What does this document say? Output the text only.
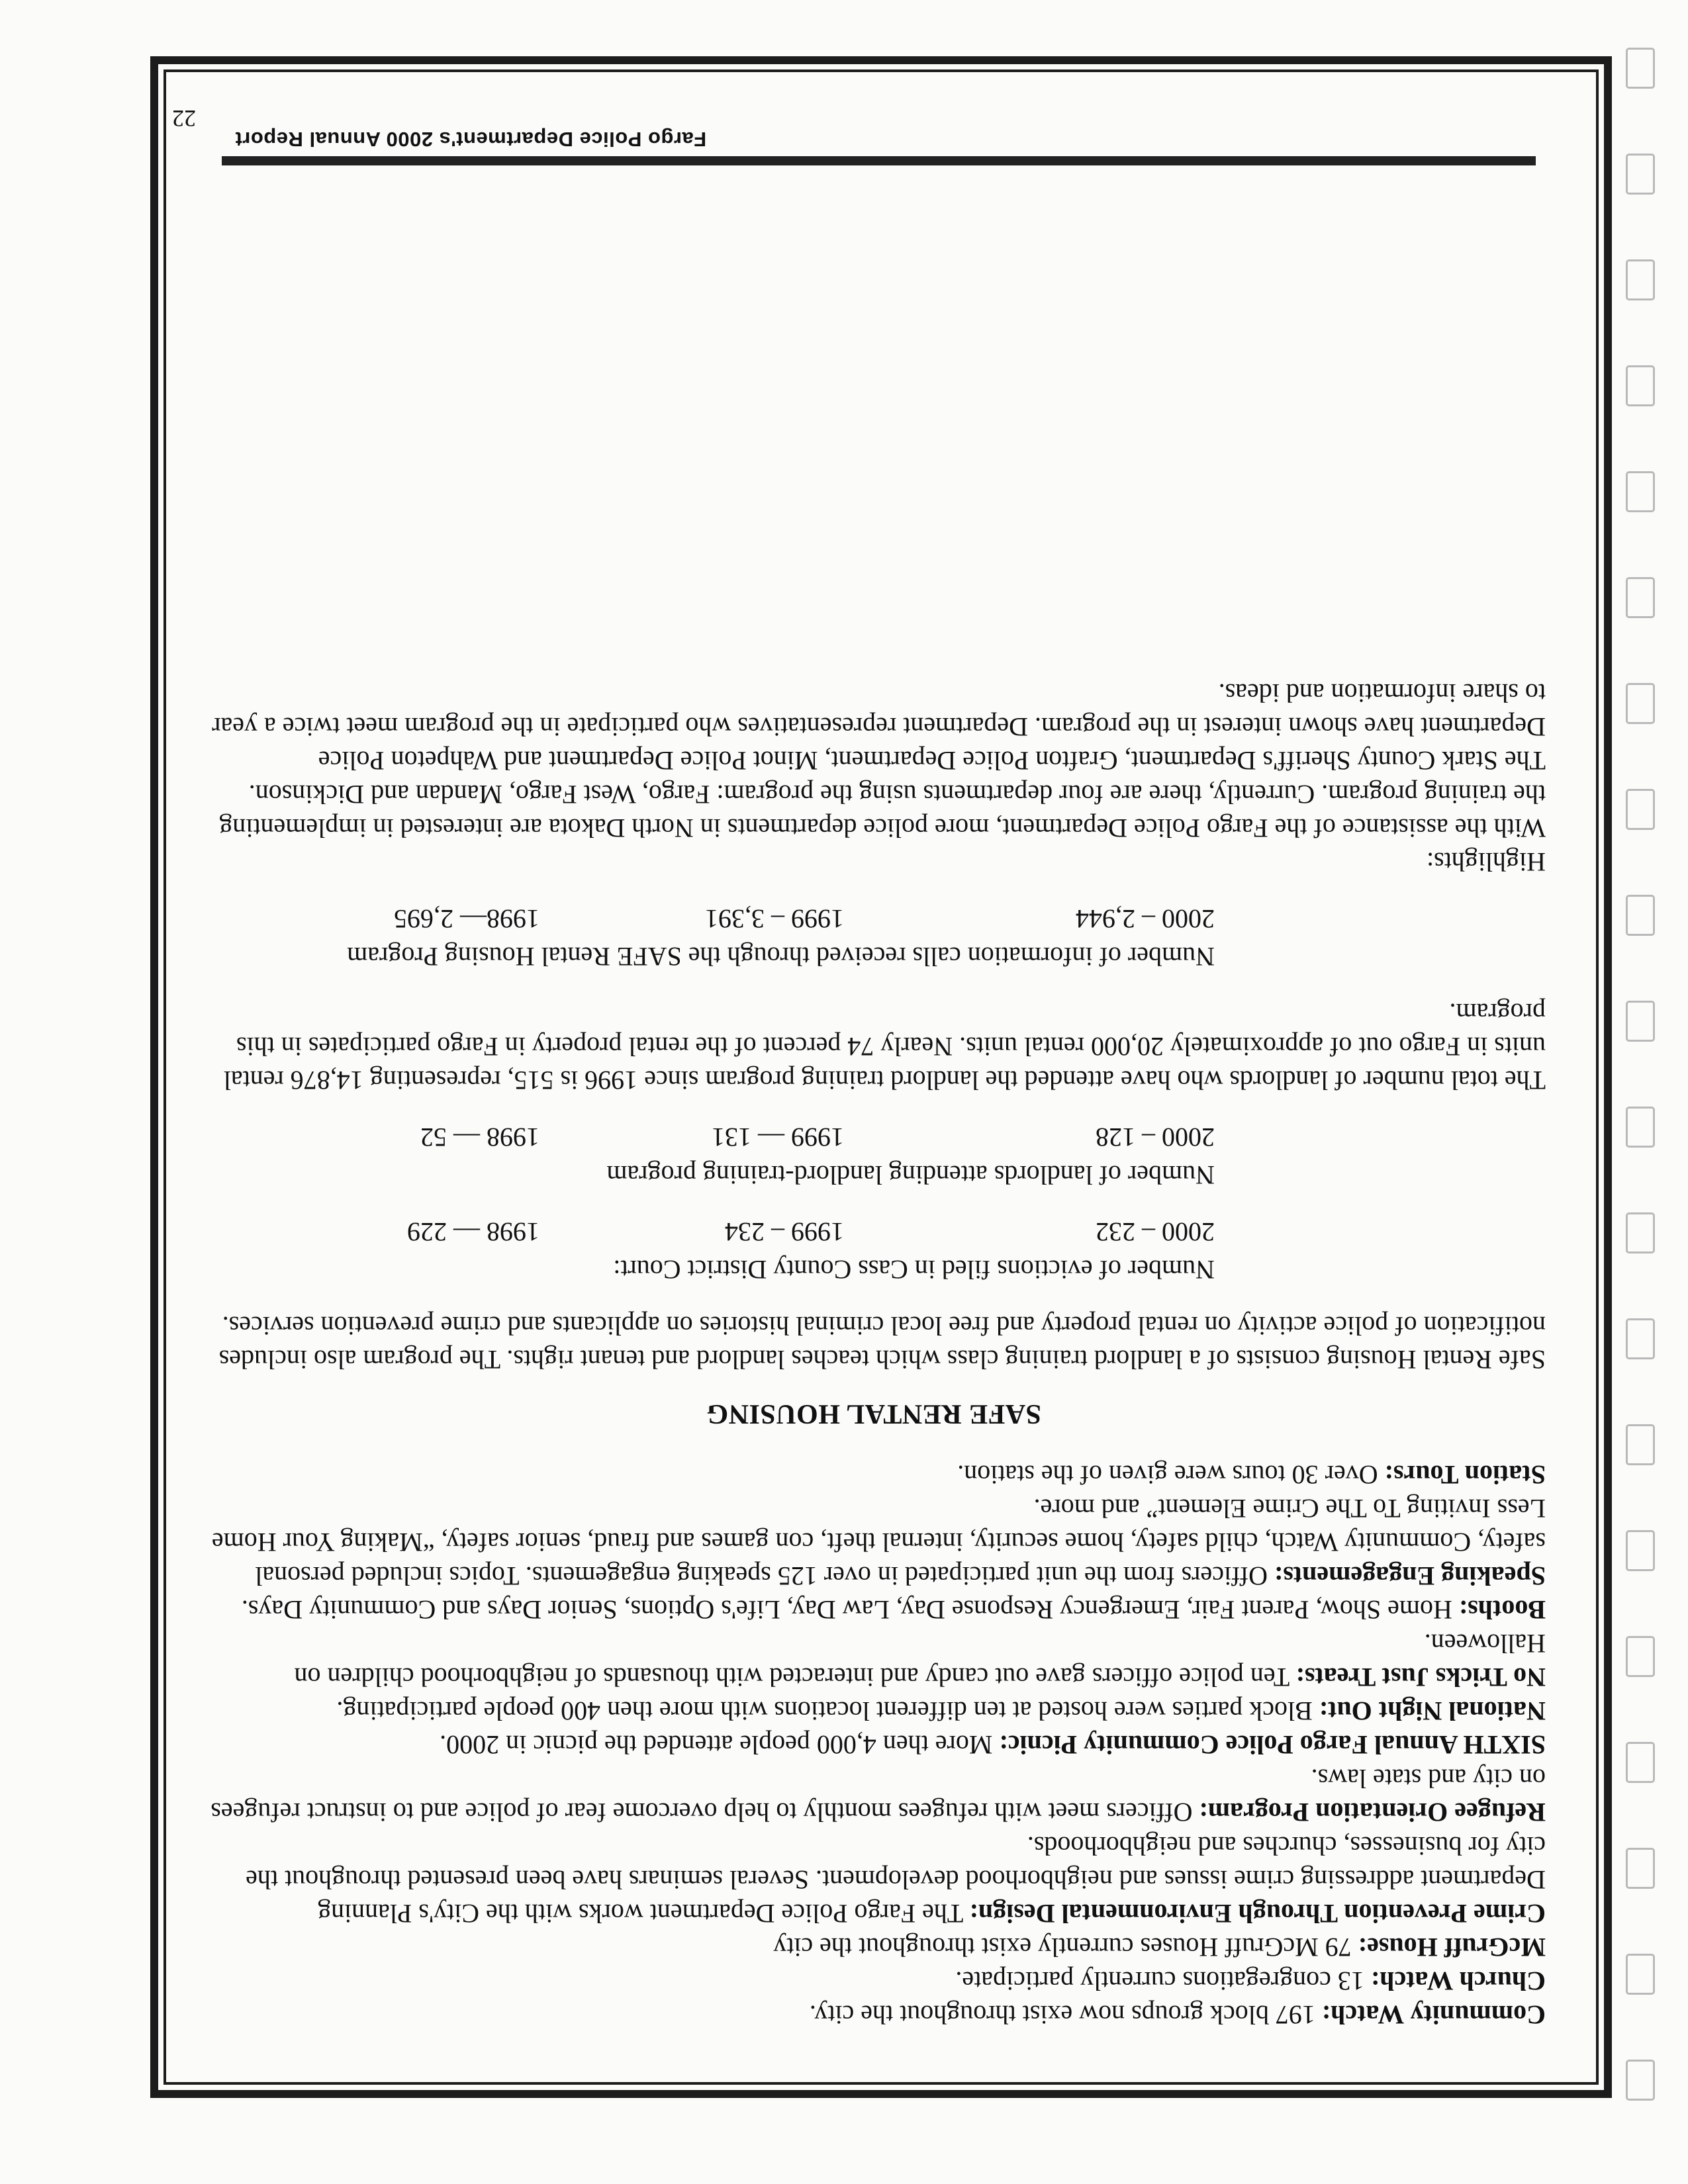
Community Watch: 197 block groups now exist throughout the city.

Church Watch: 13 congregations currently participate.

McGruff House: 79 McGruff Houses currently exist throughout the city

Crime Prevention Through Environmental Design: The Fargo Police Department works with the City's Planning Department addressing crime issues and neighborhood development. Several seminars have been presented throughout the city for businesses, churches and neighborhoods.

Refugee Orientation Program: Officers meet with refugees monthly to help overcome fear of police and to instruct refugees on city and state laws.

SIXTH Annual Fargo Police Community Picnic: More then 4,000 people attended the picnic in 2000.

National Night Out: Block parties were hosted at ten different locations with more then 400 people participating.

No Tricks Just Treats: Ten police officers gave out candy and interacted with thousands of neighborhood children on Halloween.

Booths: Home Show, Parent Fair, Emergency Response Day, Law Day, Life's Options, Senior Days and Community Days.

Speaking Engagements: Officers from the unit participated in over 125 speaking engagements. Topics included personal safety, Community Watch, child safety, home security, internal theft, con games and fraud, senior safety, “Making Your Home Less Inviting To The Crime Element” and more.

Station Tours: Over 30 tours were given of the station.

SAFE RENTAL HOUSING

Safe Rental Housing consists of a landlord training class which teaches landlord and tenant rights. The program also includes notification of police activity on rental property and free local criminal histories on applicants and crime prevention services.

Number of evictions filed in Cass County District Court:

2000 – 232
1999 – 234
1998 — 229

Number of landlords attending landlord-training program

2000 – 128
1999 — 131
1998 — 52

The total number of landlords who have attended the landlord training program since 1996 is 515, representing 14,876 rental units in Fargo out of approximately 20,000 rental units. Nearly 74 percent of the rental property in Fargo participates in this program.

Number of information calls received through the SAFE Rental Housing Program

2000 – 2,944
1999 – 3,391
1998— 2,695

Highlights:

With the assistance of the Fargo Police Department, more police departments in North Dakota are interested in implementing the training program. Currently, there are four departments using the program: Fargo, West Fargo, Mandan and Dickinson. The Stark County Sheriff's Department, Grafton Police Department, Minot Police Department and Wahpeton Police Department have shown interest in the program. Department representatives who participate in the program meet twice a year to share information and ideas.

Fargo Police Department's 2000 Annual Report
22
